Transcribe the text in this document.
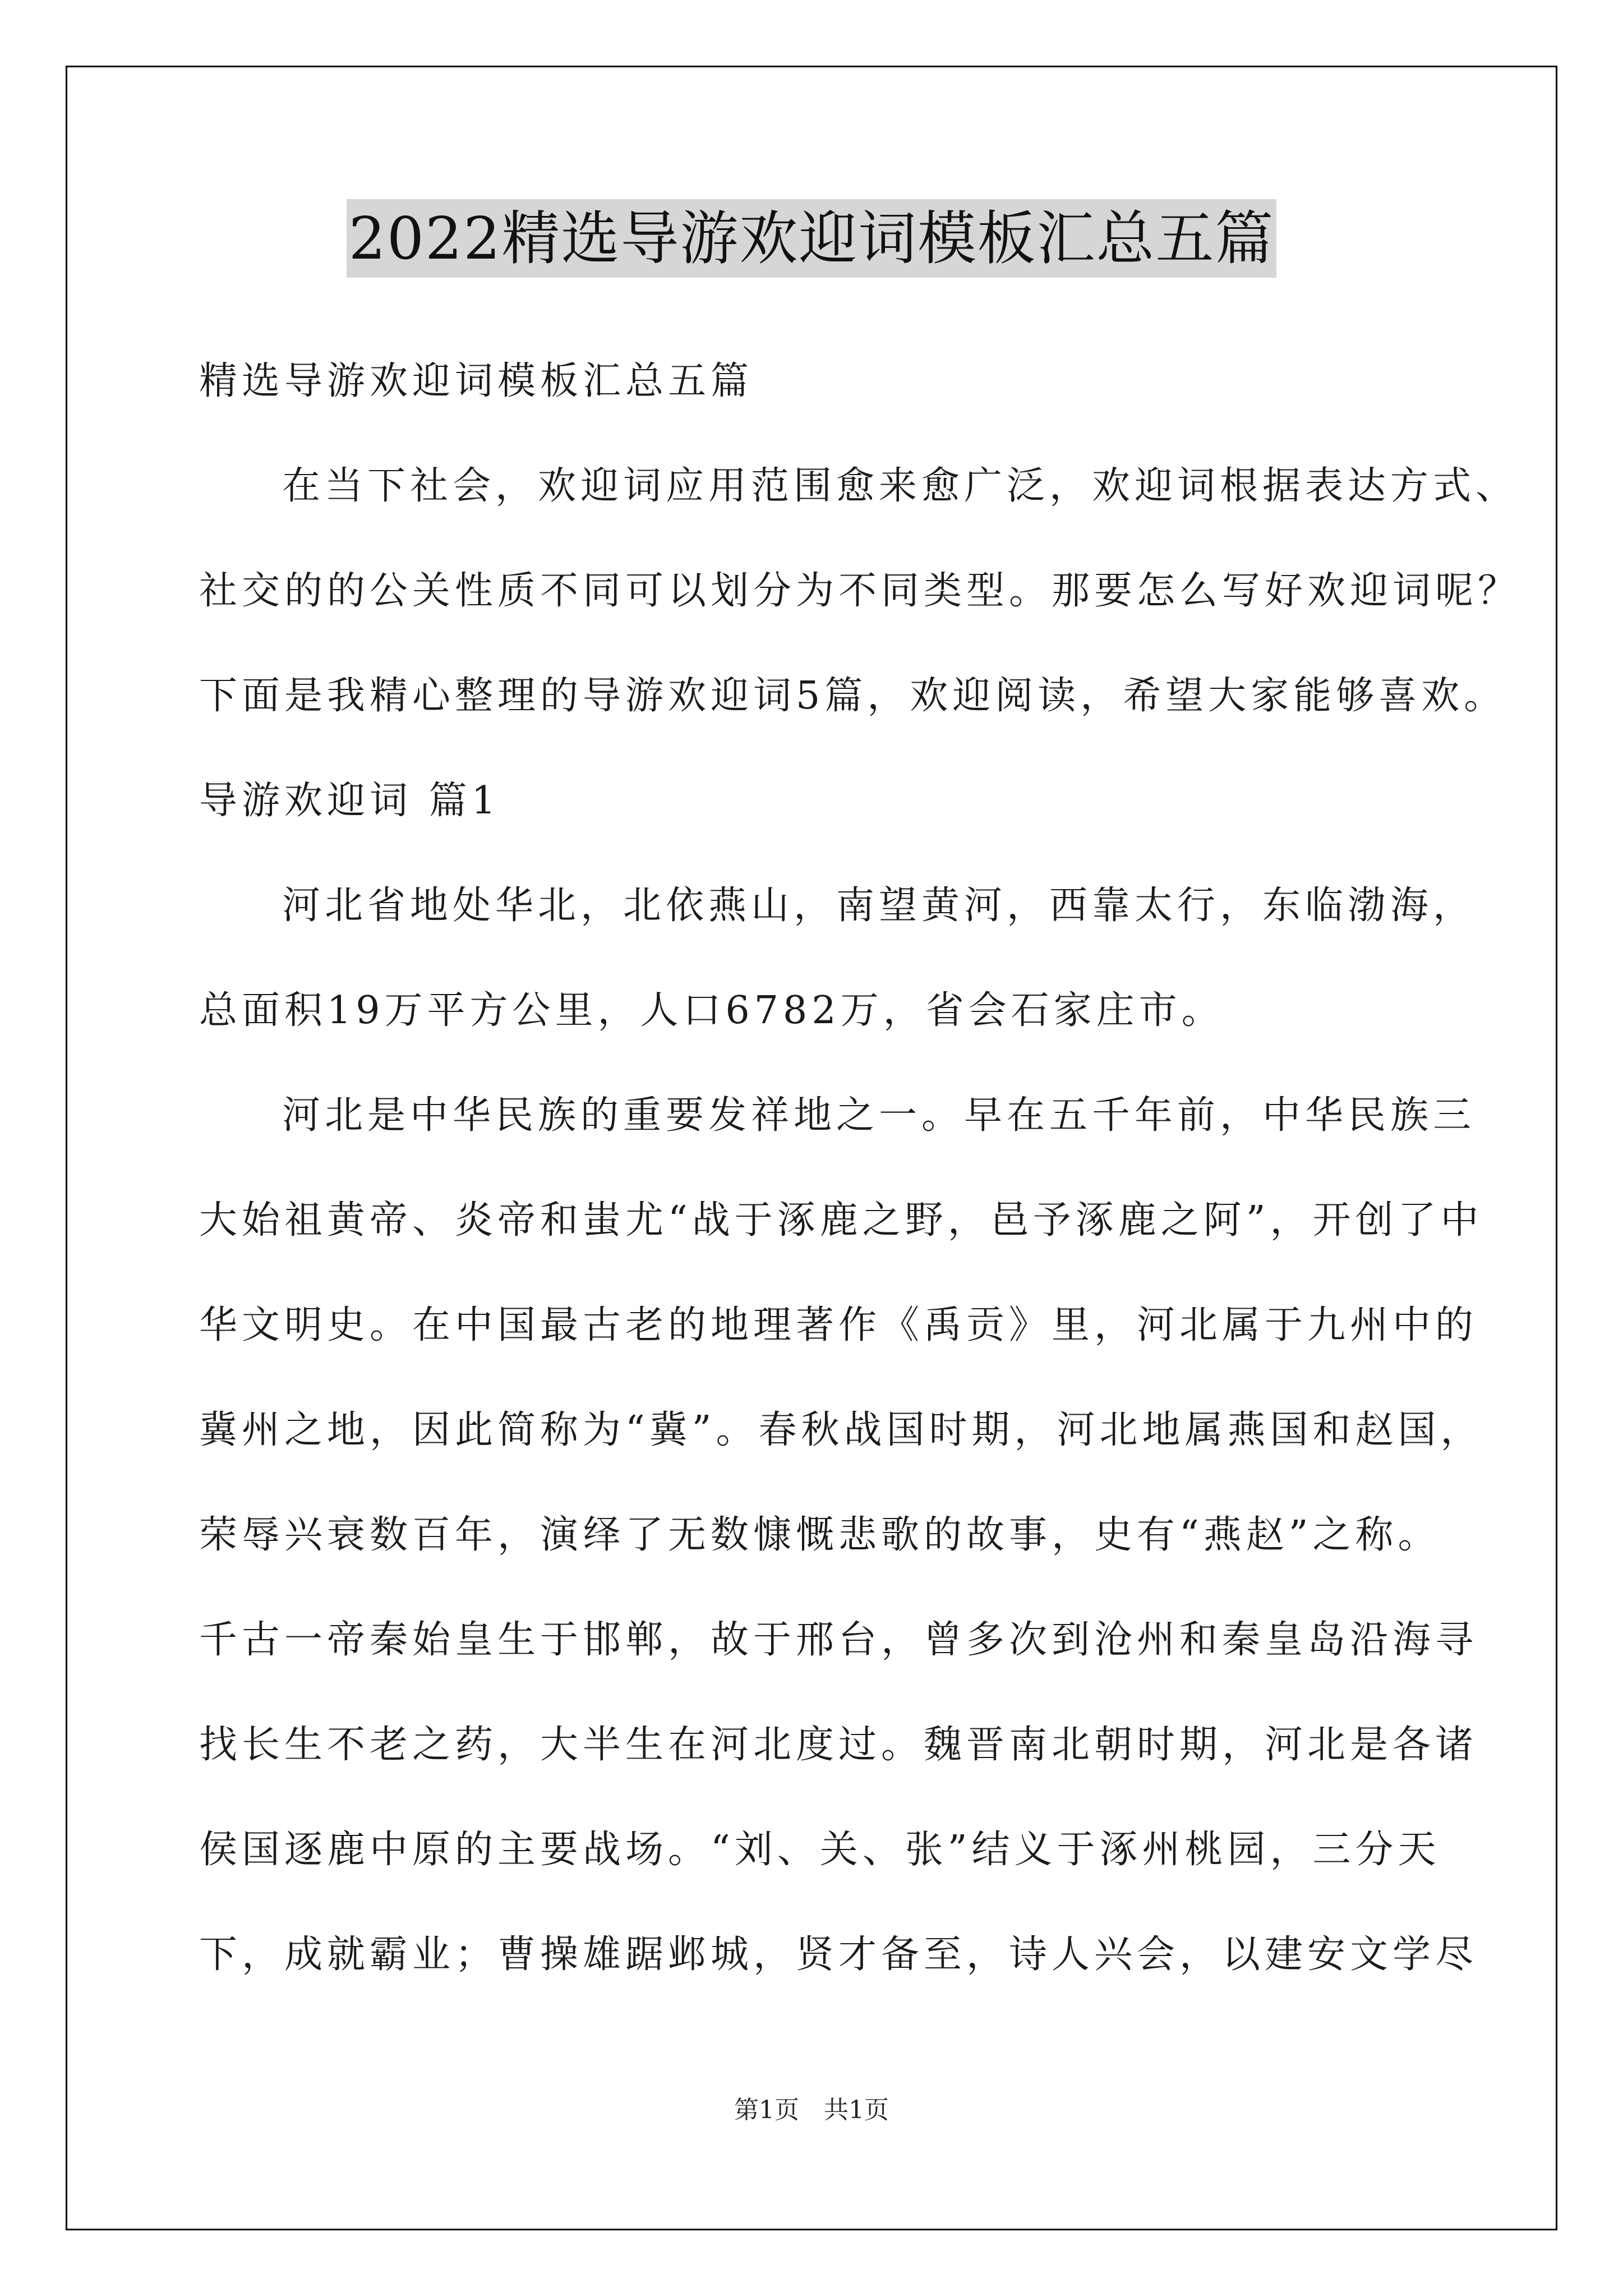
2022精选导游欢迎词模板汇总五篇
精选导游欢迎词模板汇总五篇
在当下社会，欢迎词应用范围愈来愈广泛，欢迎词根据表达方式、
社交的的公关性质不同可以划分为不同类型。那要怎么写好欢迎词呢？
下面是我精心整理的导游欢迎词5篇，欢迎阅读，希望大家能够喜欢。
导游欢迎词 篇1
河北省地处华北，北依燕山，南望黄河，西靠太行，东临渤海，
总面积19万平方公里，人口6782万，省会石家庄市。
河北是中华民族的重要发祥地之一。早在五千年前，中华民族三
大始祖黄帝、炎帝和蚩尤“战于涿鹿之野，邑予涿鹿之阿”，开创了中
华文明史。在中国最古老的地理著作《禹贡》里，河北属于九州中的
冀州之地，因此简称为“冀”。春秋战国时期，河北地属燕国和赵国，
荣辱兴衰数百年，演绎了无数慷慨悲歌的故事，史有“燕赵”之称。
千古一帝秦始皇生于邯郸，故于邢台，曾多次到沧州和秦皇岛沿海寻
找长生不老之药，大半生在河北度过。魏晋南北朝时期，河北是各诸
侯国逐鹿中原的主要战场。“刘、关、张”结义于涿州桃园，三分天
下，成就霸业；曹操雄踞邺城，贤才备至，诗人兴会，以建安文学尽
第1页　共1页
